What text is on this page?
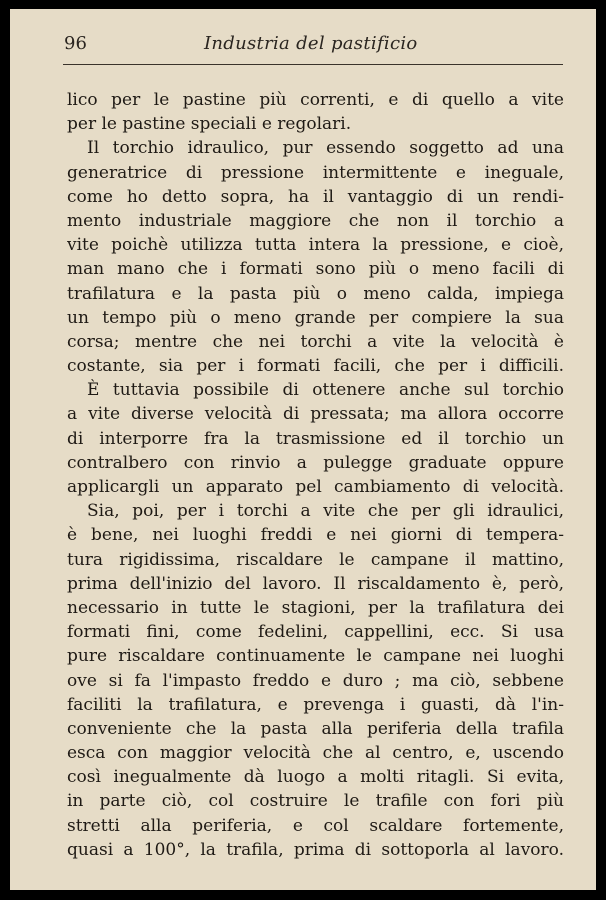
96	Industria del pastificio
lico per le pastine più correnti, e di quello a vite
per le pastine speciali e regolari.
Il torchio idraulico, pur essendo soggetto ad una
generatrice di pressione intermittente e ineguale,
come ho detto sopra, ha il vantaggio di un rendi-
mento industriale maggiore che non il torchio a
vite poichè utilizza tutta intera la pressione, e cioè,
man mano che i formati sono più o meno facili di
trafilatura e la pasta più o meno calda, impiega
un tempo più o meno grande per compiere la sua
corsa; mentre che nei torchi a vite la velocità è
costante, sia per i formati facili, che per i difficili.
È tuttavia possibile di ottenere anche sul torchio
a vite diverse velocità di pressata; ma allora occorre
di interporre fra la trasmissione ed il torchio un
contralbero con rinvio a pulegge graduate oppure
applicargli un apparato pel cambiamento di velocità.
Sia, poi, per i torchi a vite che per gli idraulici,
è bene, nei luoghi freddi e nei giorni di tempera-
tura rigidissima, riscaldare le campane il mattino,
prima dell'inizio del lavoro. Il riscaldamento è, però,
necessario in tutte le stagioni, per la trafilatura dei
formati fini, come fedelini, cappellini, ecc. Si usa
pure riscaldare continuamente le campane nei luoghi
ove si fa l'impasto freddo e duro ; ma ciò, sebbene
faciliti la trafilatura, e prevenga i guasti, dà l'in-
conveniente che la pasta alla periferia della trafila
esca con maggior velocità che al centro, e, uscendo
così inegualmente dà luogo a molti ritagli. Si evita,
in parte ciò, col costruire le trafile con fori più
stretti alla periferia, e col scaldare fortemente,
quasi a 100°, la trafila, prima di sottoporla al lavoro.
